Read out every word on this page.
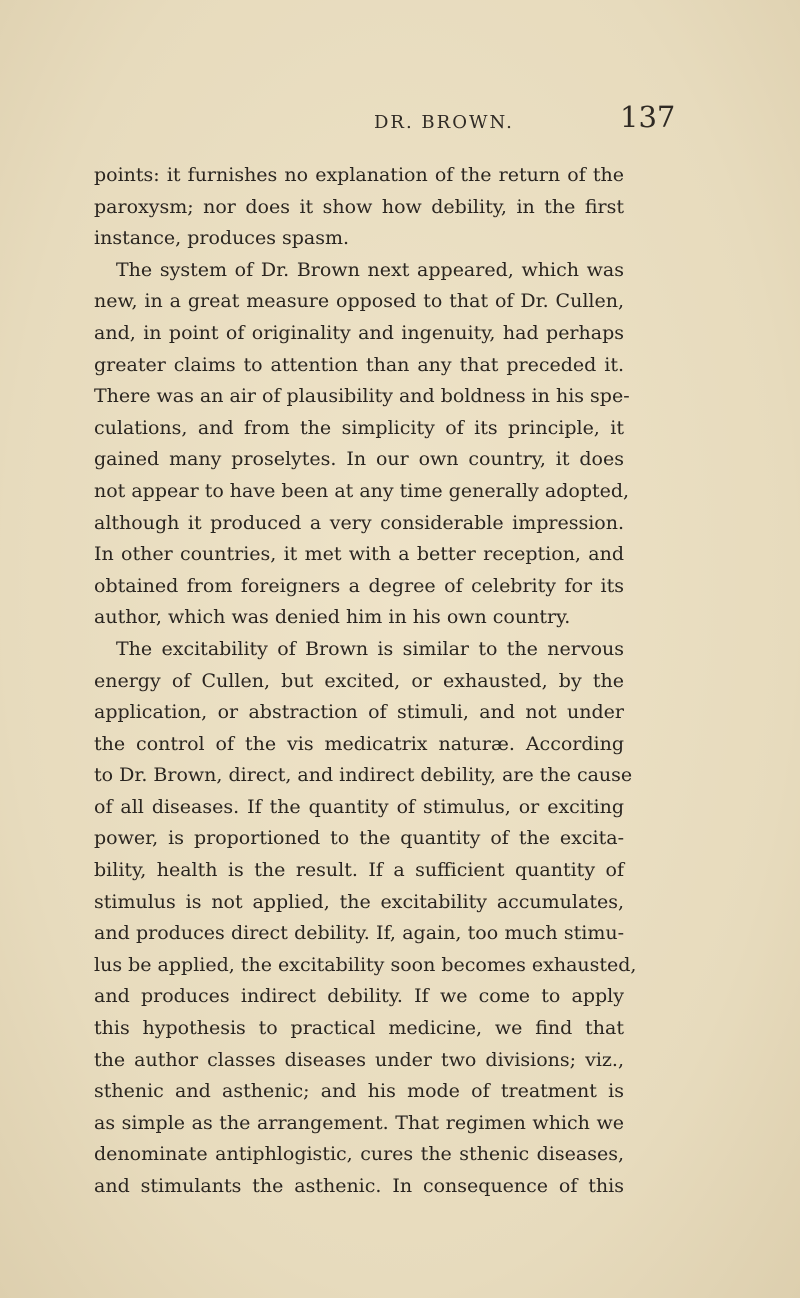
DR. BROWN.	137
points: it furnishes no explanation of the return of the
paroxysm; nor does it show how debility, in the first
instance, produces spasm.
The system of Dr. Brown next appeared, which was
new, in a great measure opposed to that of Dr. Cullen,
and, in point of originality and ingenuity, had perhaps
greater claims to attention than any that preceded it.
There was an air of plausibility and boldness in his spe-
culations, and from the simplicity of its principle, it
gained many proselytes. In our own country, it does
not appear to have been at any time generally adopted,
although it produced a very considerable impression.
In other countries, it met with a better reception, and
obtained from foreigners a degree of celebrity for its
author, which was denied him in his own country.
The excitability of Brown is similar to the nervous
energy of Cullen, but excited, or exhausted, by the
application, or abstraction of stimuli, and not under
the control of the vis medicatrix naturæ. According
to Dr. Brown, direct, and indirect debility, are the cause
of all diseases. If the quantity of stimulus, or exciting
power, is proportioned to the quantity of the excita-
bility, health is the result. If a sufficient quantity of
stimulus is not applied, the excitability accumulates,
and produces direct debility. If, again, too much stimu-
lus be applied, the excitability soon becomes exhausted,
and produces indirect debility. If we come to apply
this hypothesis to practical medicine, we find that
the author classes diseases under two divisions; viz.,
sthenic and asthenic; and his mode of treatment is
as simple as the arrangement. That regimen which we
denominate antiphlogistic, cures the sthenic diseases,
and stimulants the asthenic. In consequence of this
